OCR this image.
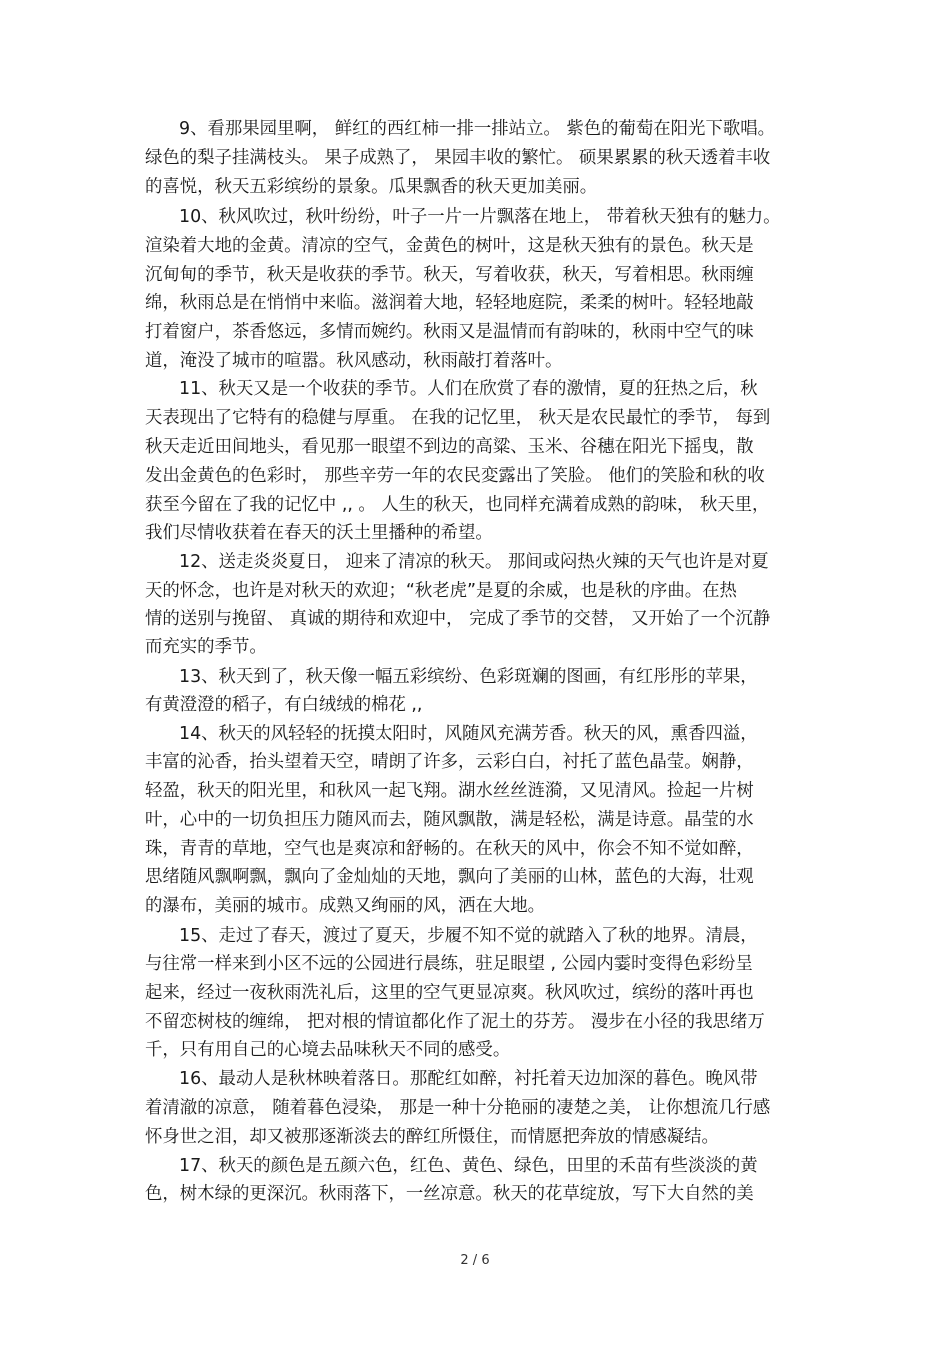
9、看那果园里啊， 鲜红的西红柿一排一排站立。 紫色的葡萄在阳光下歌唱。
绿色的梨子挂满枝头。 果子成熟了， 果园丰收的繁忙。 硕果累累的秋天透着丰收
的喜悦，秋天五彩缤纷的景象。瓜果飘香的秋天更加美丽。
10、秋风吹过，秋叶纷纷，叶子一片一片飘落在地上， 带着秋天独有的魅力。
渲染着大地的金黄。清凉的空气，金黄色的树叶，这是秋天独有的景色。秋天是
沉甸甸的季节，秋天是收获的季节。秋天，写着收获，秋天，写着相思。秋雨缠
绵，秋雨总是在悄悄中来临。滋润着大地，轻轻地庭院，柔柔的树叶。轻轻地敲
打着窗户，茶香悠远，多情而婉约。秋雨又是温情而有韵味的，秋雨中空气的味
道，淹没了城市的喧嚣。秋风感动，秋雨敲打着落叶。
11、秋天又是一个收获的季节。人们在欣赏了春的激情，夏的狂热之后，秋
天表现出了它特有的稳健与厚重。 在我的记忆里， 秋天是农民最忙的季节， 每到
秋天走近田间地头，看见那一眼望不到边的高粱、玉米、谷穗在阳光下摇曳，散
发出金黄色的色彩时， 那些辛劳一年的农民変露出了笑脸。 他们的笑脸和秋的收
获至今留在了我的记忆中 ,, 。 人生的秋天，也同样充满着成熟的韵味， 秋天里，
我们尽情收获着在春天的沃土里播种的希望。
12、送走炎炎夏日， 迎来了清凉的秋天。 那间或闷热火辣的天气也许是对夏
天的怀念，也许是对秋天的欢迎；“秋老虎”是夏的余威，也是秋的序曲。在热
情的送别与挽留、 真诚的期待和欢迎中， 完成了季节的交替， 又开始了一个沉静
而充实的季节。
13、秋天到了，秋天像一幅五彩缤纷、色彩斑斓的图画，有红彤彤的苹果，
有黄澄澄的稻子，有白绒绒的棉花 ,,
14、秋天的风轻轻的抚摸太阳时，风随风充满芳香。秋天的风，熏香四溢，
丰富的沁香，抬头望着天空，晴朗了许多，云彩白白，衬托了蓝色晶莹。娴静，
轻盈，秋天的阳光里，和秋风一起飞翔。湖水丝丝涟漪，又见清风。捡起一片树
叶，心中的一切负担压力随风而去，随风飘散，满是轻松，满是诗意。晶莹的水
珠，青青的草地，空气也是爽凉和舒畅的。在秋天的风中，你会不知不觉如醉，
思绪随风飘啊飘，飘向了金灿灿的天地，飘向了美丽的山林，蓝色的大海，壮观
的瀑布，美丽的城市。成熟又绚丽的风，洒在大地。
15、走过了春天，渡过了夏天，步履不知不觉的就踏入了秋的地界。清晨，
与往常一样来到小区不远的公园进行晨练，驻足眼望 , 公园内霎时变得色彩纷呈
起来，经过一夜秋雨洗礼后，这里的空气更显凉爽。秋风吹过，缤纷的落叶再也
不留恋树枝的缠绵， 把对根的情谊都化作了泥土的芬芳。 漫步在小径的我思绪万
千，只有用自己的心境去品味秋天不同的感受。
16、最动人是秋林映着落日。那酡红如醉，衬托着天边加深的暮色。晚风带
着清澈的凉意， 随着暮色浸染， 那是一种十分艳丽的凄楚之美， 让你想流几行感
怀身世之泪，却又被那逐渐淡去的醉红所慑住，而情愿把奔放的情感凝结。
17、秋天的颜色是五颜六色，红色、黄色、绿色，田里的禾苗有些淡淡的黄
色，树木绿的更深沉。秋雨落下，一丝凉意。秋天的花草绽放，写下大自然的美
2 / 6
